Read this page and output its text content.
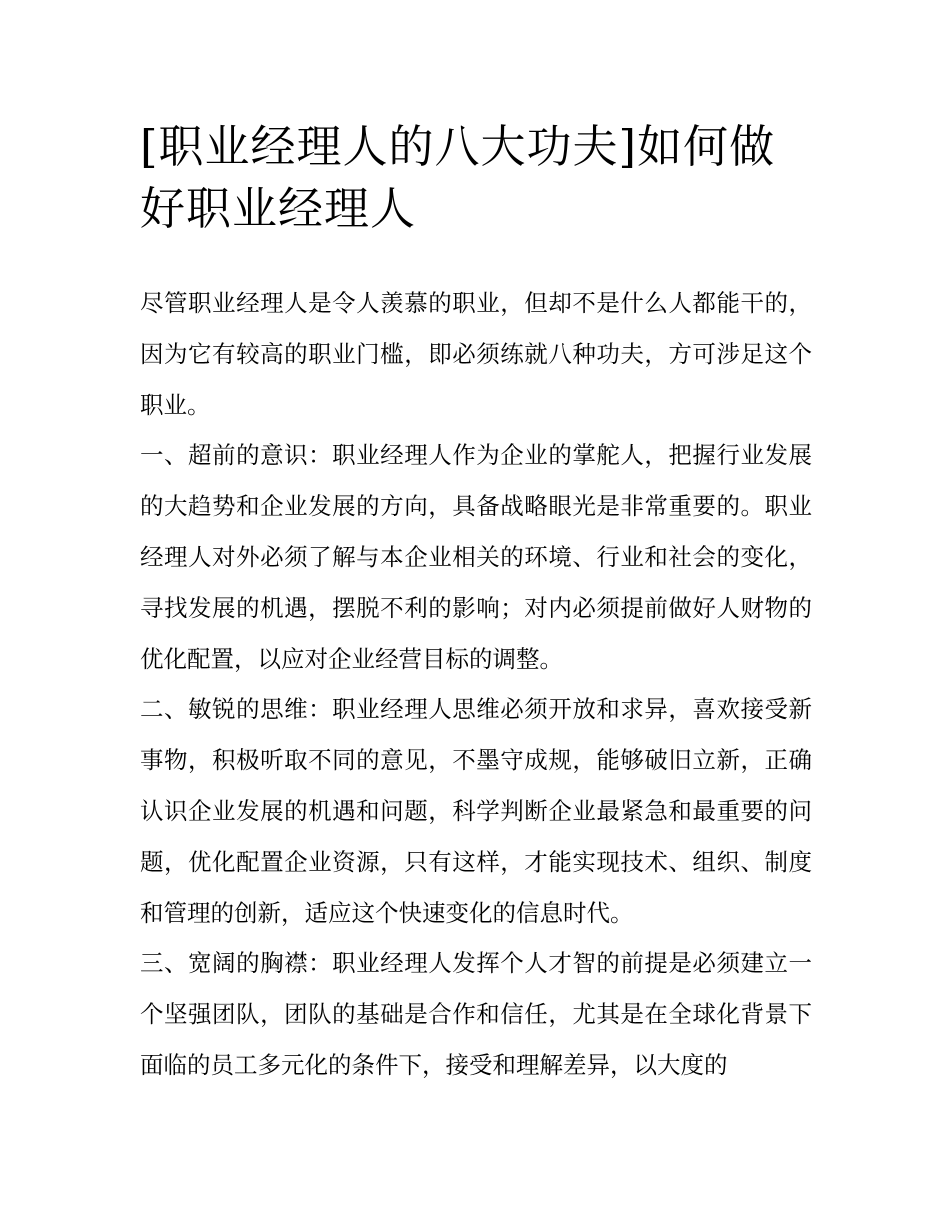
[职业经理人的八大功夫]如何做好职业经理人

尽管职业经理人是令人羡慕的职业，但却不是什么人都能干的，因为它有较高的职业门槛，即必须练就八种功夫，方可涉足这个职业。

一、超前的意识：职业经理人作为企业的掌舵人，把握行业发展的大趋势和企业发展的方向，具备战略眼光是非常重要的。职业经理人对外必须了解与本企业相关的环境、行业和社会的变化，寻找发展的机遇，摆脱不利的影响；对内必须提前做好人财物的优化配置，以应对企业经营目标的调整。

二、敏锐的思维：职业经理人思维必须开放和求异，喜欢接受新事物，积极听取不同的意见，不墨守成规，能够破旧立新，正确认识企业发展的机遇和问题，科学判断企业最紧急和最重要的问题，优化配置企业资源，只有这样，才能实现技术、组织、制度和管理的创新，适应这个快速变化的信息时代。

三、宽阔的胸襟：职业经理人发挥个人才智的前提是必须建立一个坚强团队，团队的基础是合作和信任，尤其是在全球化背景下面临的员工多元化的条件下，接受和理解差异，以大度的
